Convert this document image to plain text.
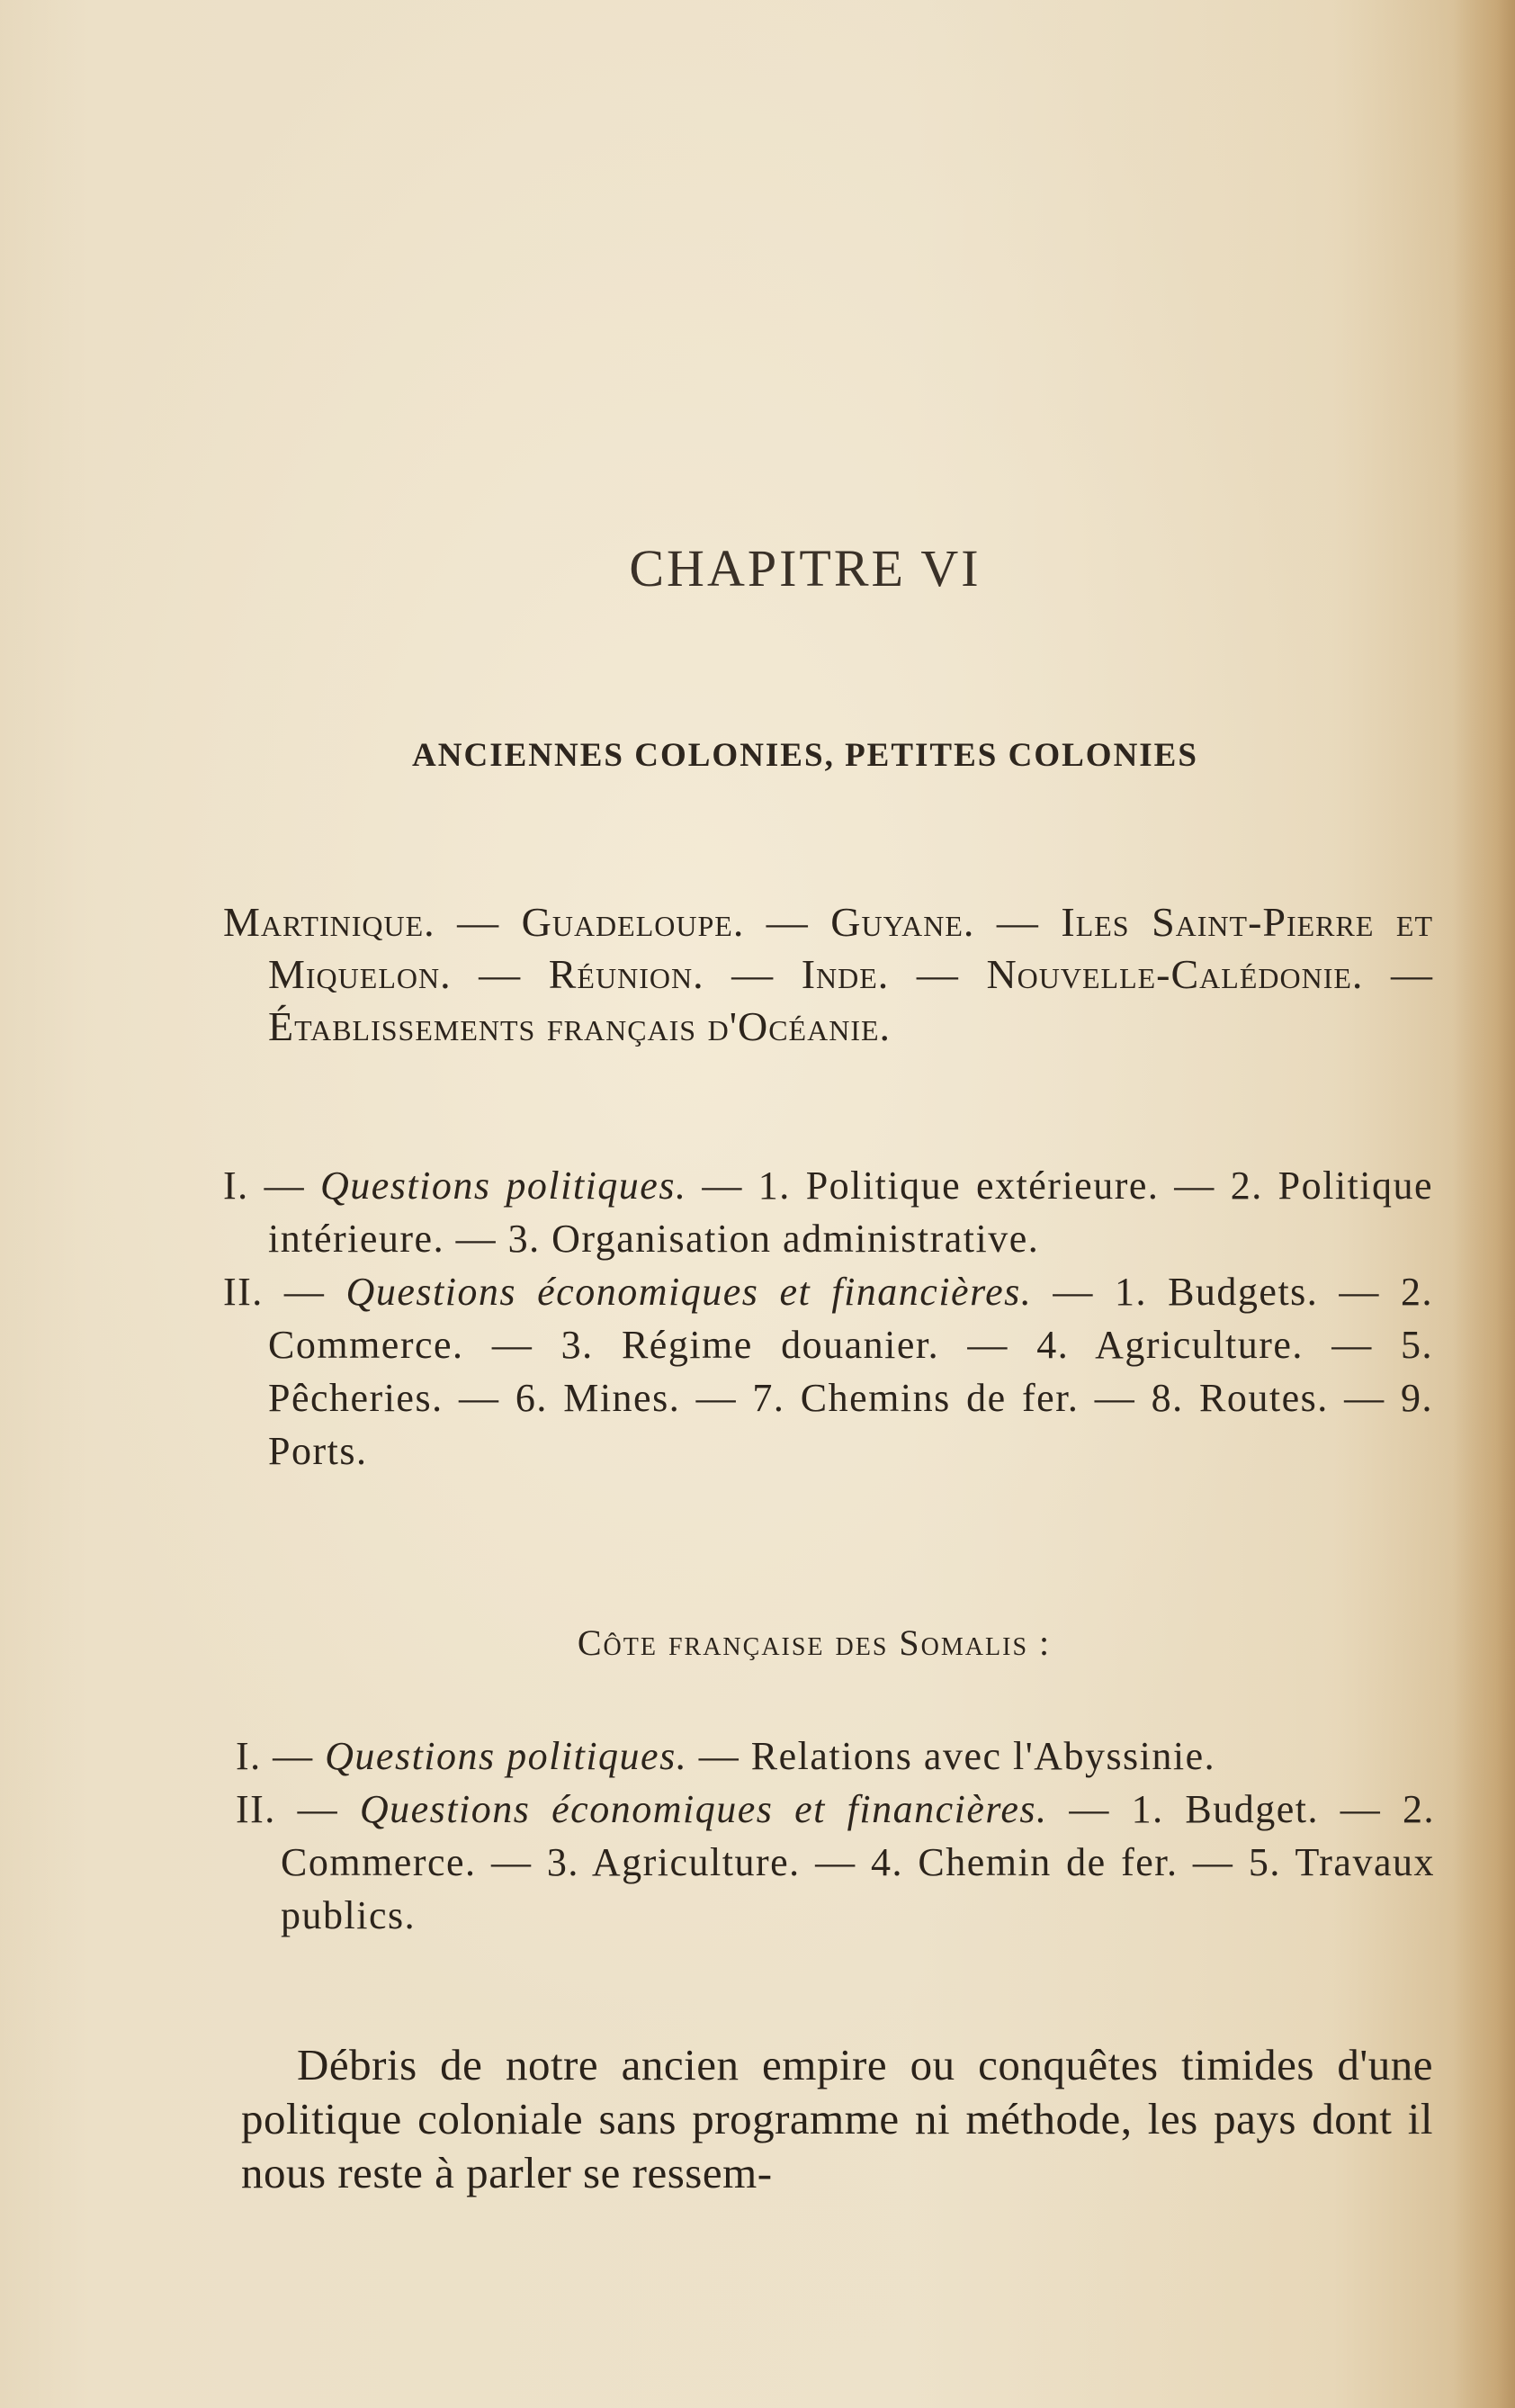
CHAPITRE VI
ANCIENNES COLONIES, PETITES COLONIES
Martinique. — Guadeloupe. — Guyane. — Iles Saint-Pierre et Miquelon. — Réunion. — Inde. — Nouvelle-Calédonie. — Établissements français d'Océanie.

I. — Questions politiques. — 1. Politique extérieure. — 2. Politique intérieure. — 3. Organisation administrative.

II. — Questions économiques et financières. — 1. Budgets. — 2. Commerce. — 3. Régime douanier. — 4. Agriculture. — 5. Pêcheries. — 6. Mines. — 7. Chemins de fer. — 8. Routes. — 9. Ports.

Côte française des Somalis :

I. — Questions politiques. — Relations avec l'Abyssinie.

II. — Questions économiques et financières. — 1. Budget. — 2. Commerce. — 3. Agriculture. — 4. Chemin de fer. — 5. Travaux publics.

Débris de notre ancien empire ou conquêtes timides d'une politique coloniale sans programme ni méthode, les pays dont il nous reste à parler se ressem-
